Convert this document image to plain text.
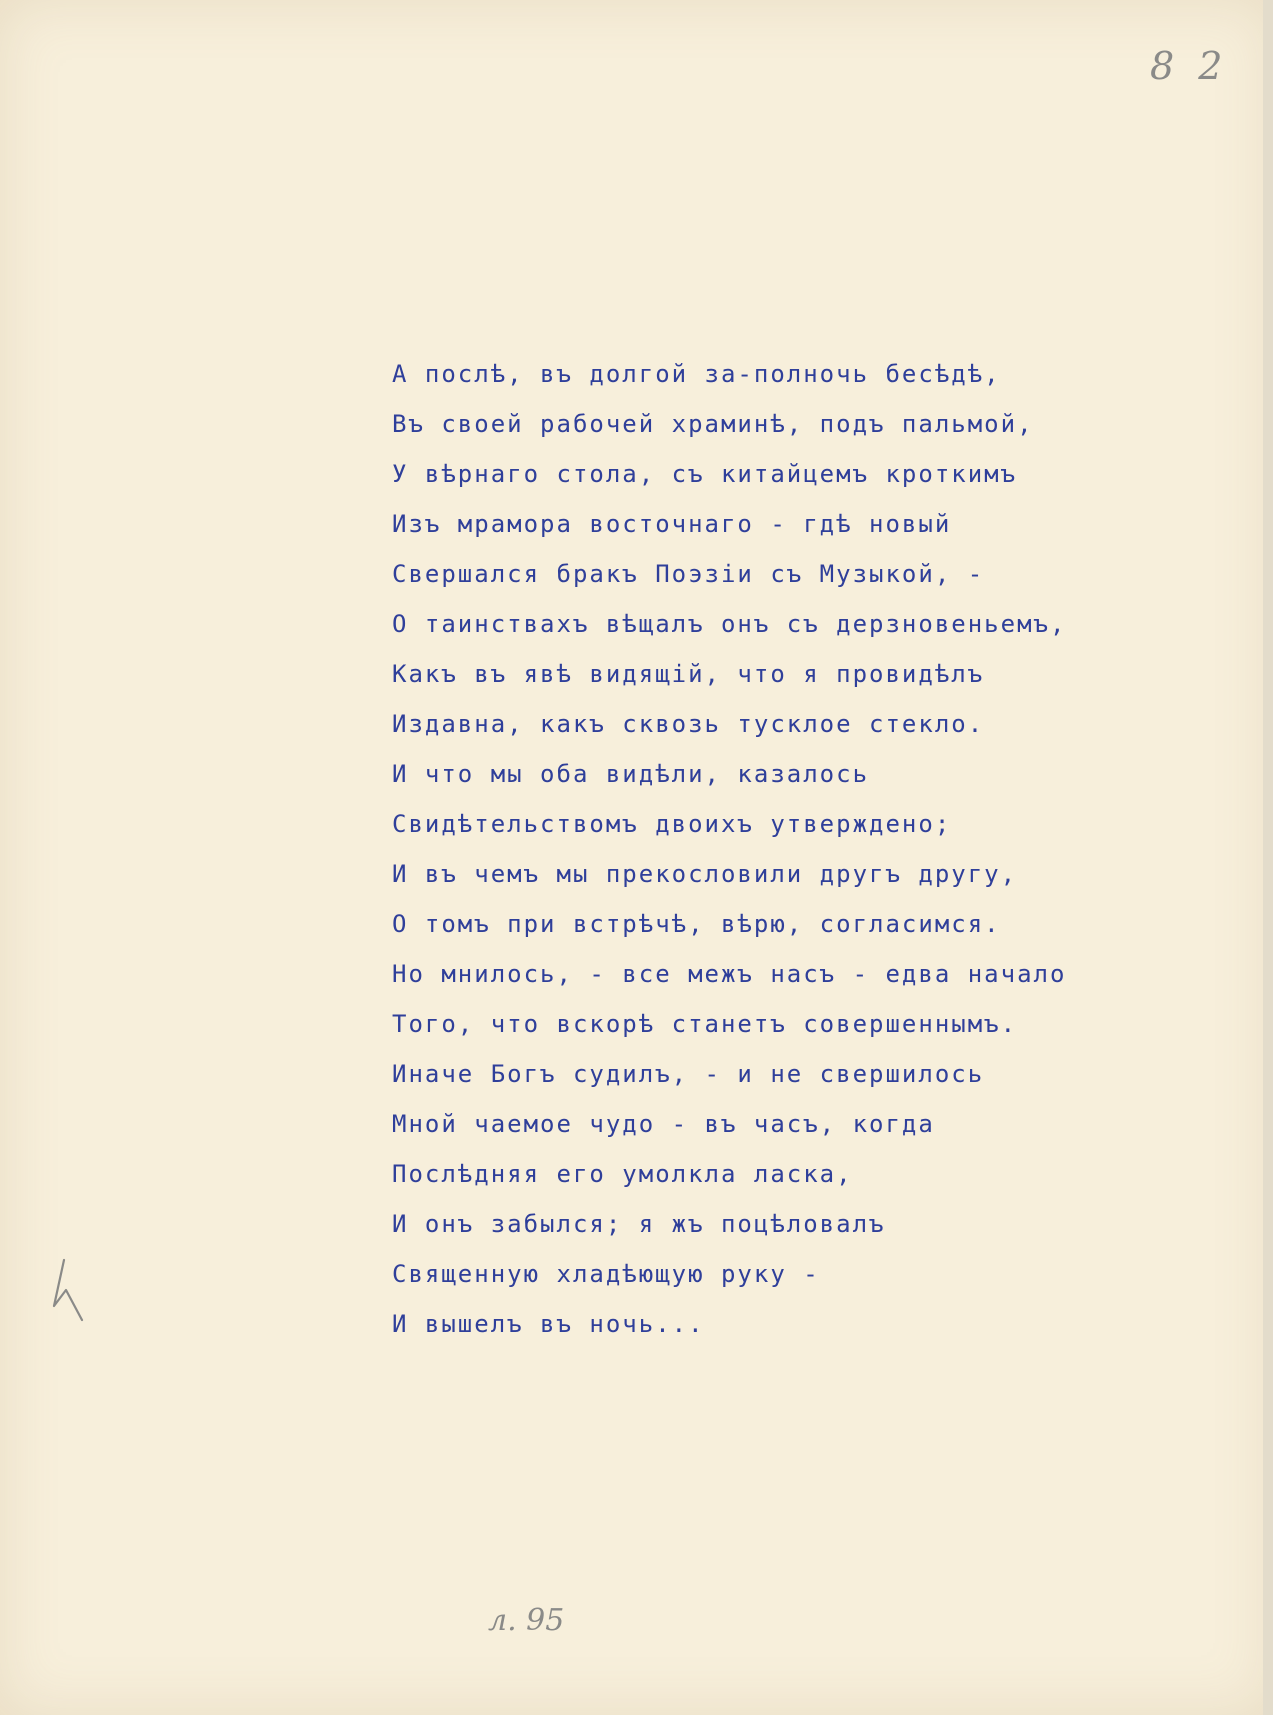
8 2
А послѣ, въ долгой за-полночь бесѣдѣ,
Въ своей рабочей храминѣ, подъ пальмой,
У вѣрнаго стола, съ китайцемъ кроткимъ
Изъ мрамора восточнаго - гдѣ новый
Свершался бракъ Поэзіи съ Музыкой, -
О таинствахъ вѣщалъ онъ съ дерзновеньемъ,
Какъ въ явѣ видящій, что я провидѣлъ
Издавна, какъ сквозь тусклое стекло.
И что мы оба видѣли, казалось
Свидѣтельствомъ двоихъ утверждено;
И въ чемъ мы прекословили другъ другу,
О томъ при встрѣчѣ, вѣрю, согласимся.
Но мнилось, - все межъ насъ - едва начало
Того, что вскорѣ станетъ совершеннымъ.
Иначе Богъ судилъ, - и не свершилось
Мной чаемое чудо - въ часъ, когда
Послѣдняя его умолкла ласка,
И онъ забылся; я жъ поцѣловалъ
Священную хладѣющую руку -
И вышелъ въ ночь...
л. 95
